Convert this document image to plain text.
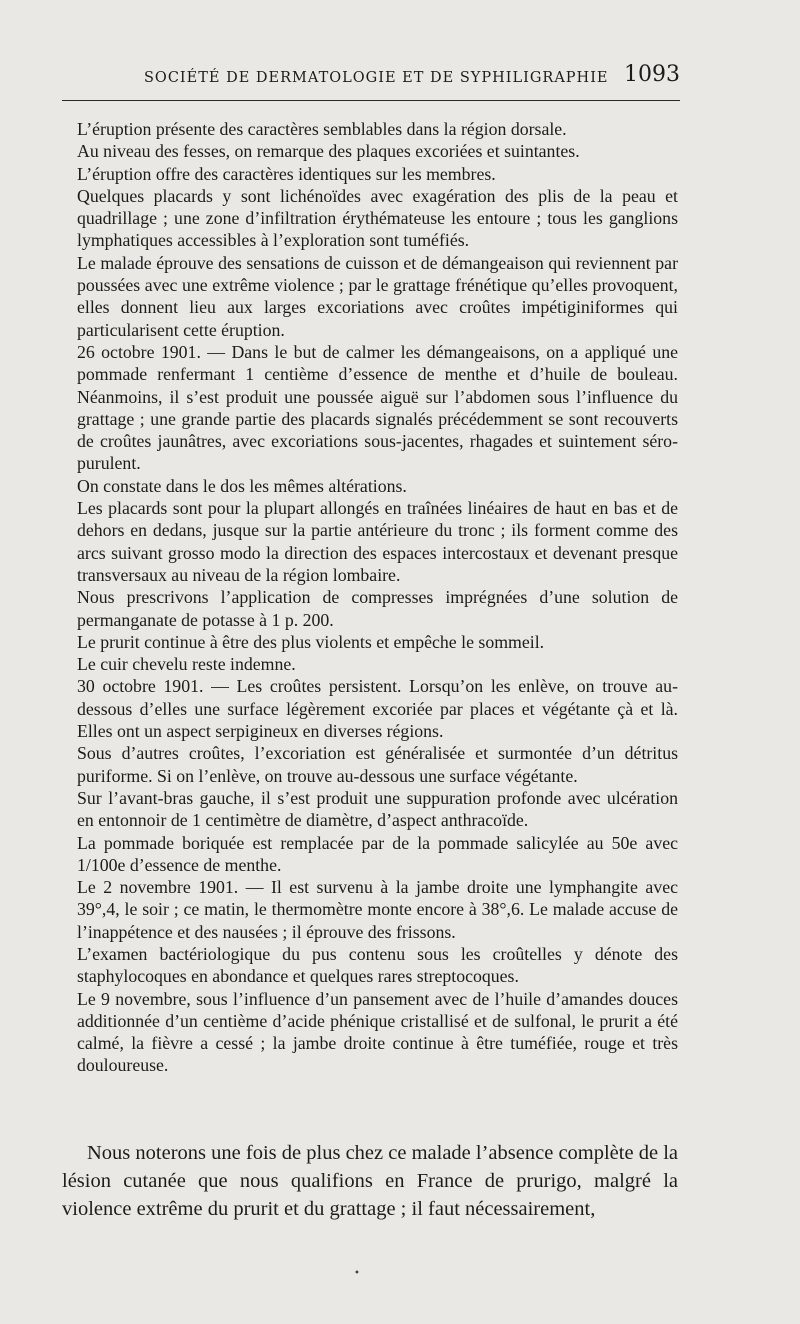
SOCIÉTÉ DE DERMATOLOGIE ET DE SYPHILIGRAPHIE 1093

L’éruption présente des caractères semblables dans la région dorsale.

Au niveau des fesses, on remarque des plaques excoriées et suintantes.

L’éruption offre des caractères identiques sur les membres.

Quelques placards y sont lichénoïdes avec exagération des plis de la peau et quadrillage ; une zone d’infiltration érythémateuse les entoure ; tous les ganglions lymphatiques accessibles à l’exploration sont tuméfiés.

Le malade éprouve des sensations de cuisson et de démangeaison qui reviennent par poussées avec une extrême violence ; par le grattage frénétique qu’elles provoquent, elles donnent lieu aux larges excoriations avec croûtes impétiginiformes qui particularisent cette éruption.

26 octobre 1901. — Dans le but de calmer les démangeaisons, on a appliqué une pommade renfermant 1 centième d’essence de menthe et d’huile de bouleau. Néanmoins, il s’est produit une poussée aiguë sur l’abdomen sous l’influence du grattage ; une grande partie des placards signalés précédemment se sont recouverts de croûtes jaunâtres, avec excoriations sous-jacentes, rhagades et suintement séro-purulent.

On constate dans le dos les mêmes altérations.

Les placards sont pour la plupart allongés en traînées linéaires de haut en bas et de dehors en dedans, jusque sur la partie antérieure du tronc ; ils forment comme des arcs suivant grosso modo la direction des espaces intercostaux et devenant presque transversaux au niveau de la région lombaire.

Nous prescrivons l’application de compresses imprégnées d’une solution de permanganate de potasse à 1 p. 200.

Le prurit continue à être des plus violents et empêche le sommeil.

Le cuir chevelu reste indemne.

30 octobre 1901. — Les croûtes persistent. Lorsqu’on les enlève, on trouve au-dessous d’elles une surface légèrement excoriée par places et végétante çà et là. Elles ont un aspect serpigineux en diverses régions.

Sous d’autres croûtes, l’excoriation est généralisée et surmontée d’un détritus puriforme. Si on l’enlève, on trouve au-dessous une surface végétante.

Sur l’avant-bras gauche, il s’est produit une suppuration profonde avec ulcération en entonnoir de 1 centimètre de diamètre, d’aspect anthracoïde.

La pommade boriquée est remplacée par de la pommade salicylée au 50e avec 1/100e d’essence de menthe.

Le 2 novembre 1901. — Il est survenu à la jambe droite une lymphangite avec 39°,4, le soir ; ce matin, le thermomètre monte encore à 38°,6. Le malade accuse de l’inappétence et des nausées ; il éprouve des frissons.

L’examen bactériologique du pus contenu sous les croûtelles y dénote des staphylocoques en abondance et quelques rares streptocoques.

Le 9 novembre, sous l’influence d’un pansement avec de l’huile d’amandes douces additionnée d’un centième d’acide phénique cristallisé et de sulfonal, le prurit a été calmé, la fièvre a cessé ; la jambe droite continue à être tuméfiée, rouge et très douloureuse.

Nous noterons une fois de plus chez ce malade l’absence complète de la lésion cutanée que nous qualifions en France de prurigo, malgré la violence extrême du prurit et du grattage ; il faut nécessairement,

•
